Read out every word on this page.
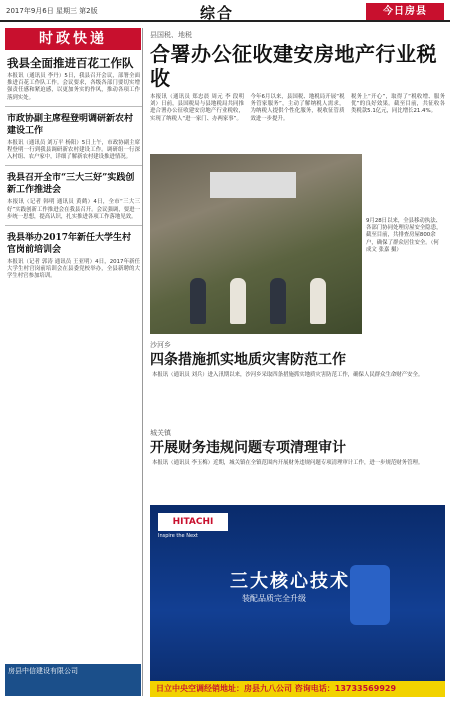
2017年9月6日 星期三 第2版	综合	今日房县
时政快递
我县全面推进百花工作队
本报讯（通讯员 李丹）5日，我县召开会议，部署全面推进百花工作队工作。会议要求，各级各部门要切实增强责任感和紧迫感，以更加务实的作风，推动各项工作落到实处。
市政协副主席程登明调研新农村建设工作
本报讯（通讯员 刘万平 杨阳）5日上午，市政协副主席程登明一行到我县调研新农村建设工作。调研组一行深入村组、农户家中，详细了解新农村建设推进情况。
我县召开全市“三大三好”实践创新工作推进会
本报讯（记者 韩明 通讯员 黄鹤）4日，全市“三大三好”实践创新工作推进会在我县召开。会议强调，要进一步统一思想，提高认识，扎实推进各项工作落地见效。
我县举办2017年新任大学生村官岗前培训会
本报讯（记者 郭涛 通讯员 王亚明）4日，2017年新任大学生村官岗前培训会在县委党校举办，全县新聘的大学生村官参加培训。
房县中信建设有限公司
县国税、地税
合署办公征收建安房地产行业税收
本报讯（通讯员 郑忠晨 周元 李 段明 刘）日前，县国税局与县地税局共同推进合署办公征收建安房地产行业税收，实现了纳税人“进一家门、办两家事”。
今年6月以来，县国税、地税局开展“税务管家服务”，主动了解纳税人需求，为纳税人提供个性化服务，税收征管质效进一步提升。
税务上“开心”，取得了“税收增、服务优”的良好效果。截至目前，共征收各类税款5.1亿元，同比增长21.4%。
9月28日以来，全县移动执法、各部门协同处理房屋安全隐患，截至目前，共排查房屋800余户，确保了群众居住安全。（何成文 张嘉 摄）
沙河乡
四条措施抓实地质灾害防范工作
本报讯（通讯员 刘兵）进入汛期以来，沙河乡采取四条措施抓实地质灾害防范工作，确保人民群众生命财产安全。
城关镇
开展财务违规问题专项清理审计
本报讯（通讯员 李玉梅）近期，城关镇在全镇范围内开展财务违规问题专项清理审计工作，进一步规范财务管理。
HITACHI
Inspire the Next
三大核心技术
装配品质完全升级
日立中央空调经销地址：房县九八公司 咨询电话：13733569929
